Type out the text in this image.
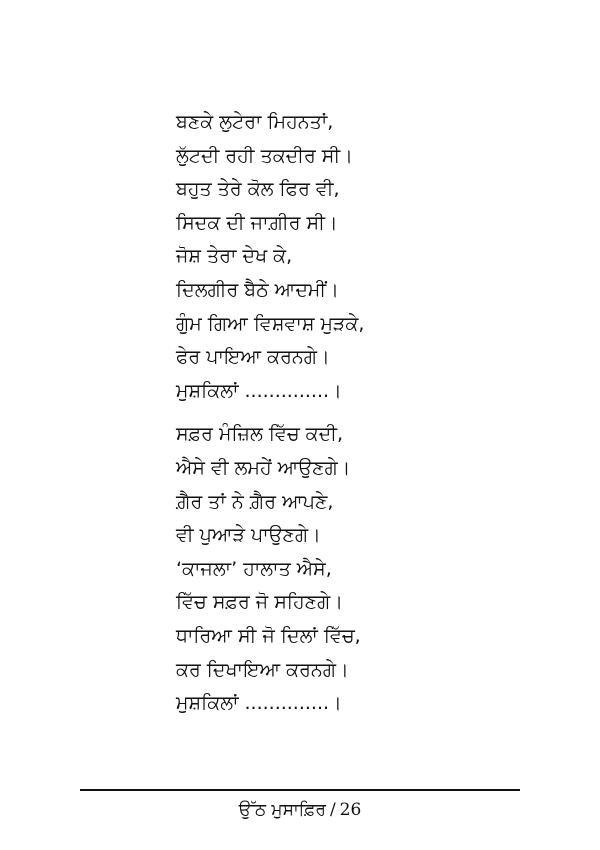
ਬਣਕੇ ਲੁਟੇਰਾ ਮਿਹਨਤਾਂ,
ਲੁੱਟਦੀ ਰਹੀ ਤਕਦੀਰ ਸੀ।
ਬਹੁਤ ਤੇਰੇ ਕੋਲ ਫਿਰ ਵੀ,
ਸਿਦਕ ਦੀ ਜਾਗ਼ੀਰ ਸੀ।
ਜੋਸ਼ ਤੇਰਾ ਦੇਖ ਕੇ,
ਦਿਲਗੀਰ ਬੈਠੇ ਆਦਮੀਂ।
ਗੁੰਮ ਗਿਆ ਵਿਸ਼ਵਾਸ਼ ਮੁੜਕੇ,
ਫੇਰ ਪਾਇਆ ਕਰਨਗੇ।
ਮੁਸ਼ਕਿਲਾਂ ..............।
ਸਫ਼ਰ ਮੰਜ਼ਿਲ ਵਿੱਚ ਕਦੀ,
ਐਸੇ ਵੀ ਲਮਹੇਂ ਆਉਣਗੇ।
ਗ਼ੈਰ ਤਾਂ ਨੇ ਗ਼ੈਰ ਆਪਣੇ,
ਵੀ ਪੁਆੜੇ ਪਾਉਣਗੇ।
‘ਕਾਜਲਾ’ ਹਾਲਾਤ ਐਸੇ,
ਵਿੱਚ ਸਫ਼ਰ ਜੋ ਸਹਿਣਗੇ।
ਧਾਰਿਆ ਸੀ ਜੋ ਦਿਲਾਂ ਵਿੱਚ,
ਕਰ ਦਿਖਾਇਆ ਕਰਨਗੇ।
ਮੁਸ਼ਕਿਲਾਂ ..............।
ਉੱਠ ਮੁਸਾਫ਼ਿਰ / 26
